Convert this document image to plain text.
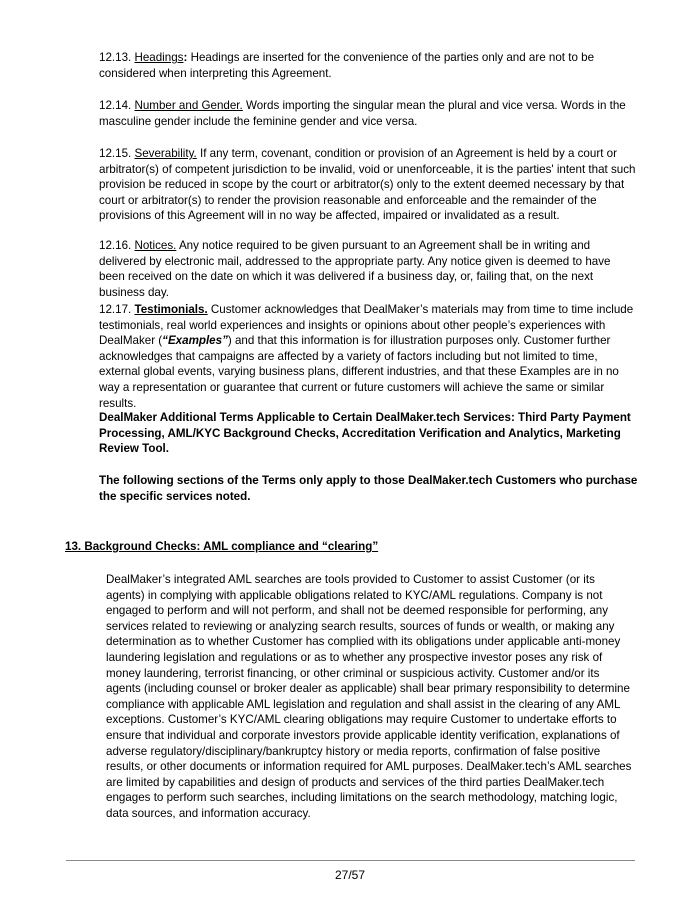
12.13. Headings: Headings are inserted for the convenience of the parties only and are not to be considered when interpreting this Agreement.

12.14. Number and Gender. Words importing the singular mean the plural and vice versa. Words in the masculine gender include the feminine gender and vice versa.

12.15. Severability. If any term, covenant, condition or provision of an Agreement is held by a court or arbitrator(s) of competent jurisdiction to be invalid, void or unenforceable, it is the parties' intent that such provision be reduced in scope by the court or arbitrator(s) only to the extent deemed necessary by that court or arbitrator(s) to render the provision reasonable and enforceable and the remainder of the provisions of this Agreement will in no way be affected, impaired or invalidated as a result.

12.16. Notices. Any notice required to be given pursuant to an Agreement shall be in writing and delivered by electronic mail, addressed to the appropriate party. Any notice given is deemed to have been received on the date on which it was delivered if a business day, or, failing that, on the next business day.

12.17. Testimonials. Customer acknowledges that DealMaker’s materials may from time to time include testimonials, real world experiences and insights or opinions about other people’s experiences with DealMaker (“Examples”) and that this information is for illustration purposes only. Customer further acknowledges that campaigns are affected by a variety of factors including but not limited to time, external global events, varying business plans, different industries, and that these Examples are in no way a representation or guarantee that current or future customers will achieve the same or similar results.

DealMaker Additional Terms Applicable to Certain DealMaker.tech Services: Third Party Payment Processing, AML/KYC Background Checks, Accreditation Verification and Analytics, Marketing Review Tool.

The following sections of the Terms only apply to those DealMaker.tech Customers who purchase the specific services noted.

13. Background Checks: AML compliance and “clearing”

DealMaker’s integrated AML searches are tools provided to Customer to assist Customer (or its agents) in complying with applicable obligations related to KYC/AML regulations. Company is not engaged to perform and will not perform, and shall not be deemed responsible for performing, any services related to reviewing or analyzing search results, sources of funds or wealth, or making any determination as to whether Customer has complied with its obligations under applicable anti-money laundering legislation and regulations or as to whether any prospective investor poses any risk of money laundering, terrorist financing, or other criminal or suspicious activity. Customer and/or its agents (including counsel or broker dealer as applicable) shall bear primary responsibility to determine compliance with applicable AML legislation and regulation and shall assist in the clearing of any AML exceptions. Customer’s KYC/AML clearing obligations may require Customer to undertake efforts to ensure that individual and corporate investors provide applicable identity verification, explanations of adverse regulatory/disciplinary/bankruptcy history or media reports, confirmation of false positive results, or other documents or information required for AML purposes. DealMaker.tech’s AML searches are limited by capabilities and design of products and services of the third parties DealMaker.tech engages to perform such searches, including limitations on the search methodology, matching logic, data sources, and information accuracy.

27/57
